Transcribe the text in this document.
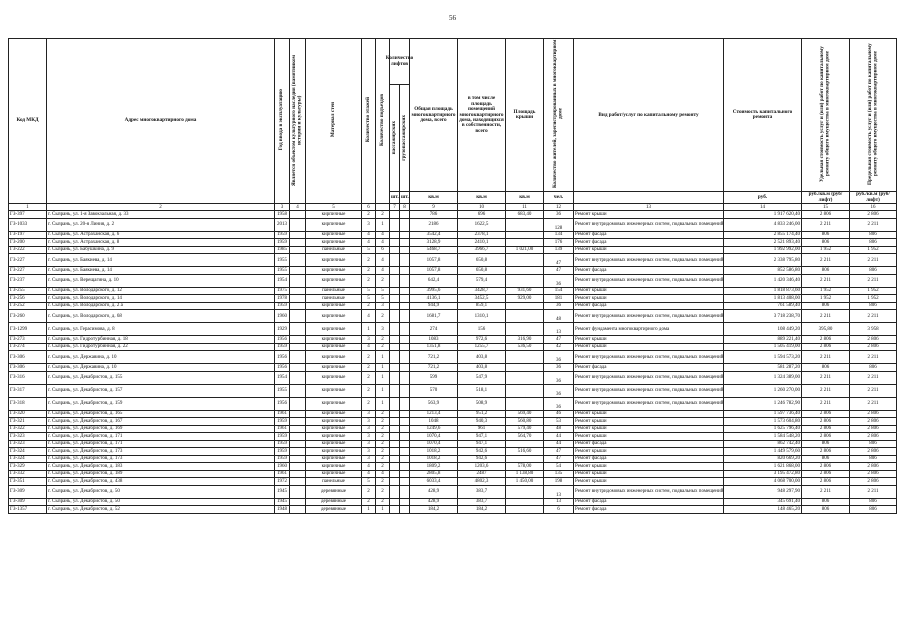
56
Код МКД	Адрес многоквартирного дома	Год ввода в эксплуатацию	Является объектом культурного наследия (памятником истории и культуры)	Материал стен	Количество этажей	Количество подъездов	Количество лифтов
пассажирских грузопассажирских		Общая площадь многоквартирного дома, всего	в том числе площадь помещений многоквартирного дома, находящихся в собственности, всего	Площадь крыши	Количество жителей, зарегистрированных в многоквартирном доме	Вид работ/услуг по капитальному ремонту	Стоимость капитального ремонта	Удельная стоимость услуг и (или) работ по капитальному ремонту общего имущества в многоквартирном доме	Предельная стоимость услуг и (или) работ по капитальному ремонту общего имущества в многоквартирном доме
							шт.	шт.	кв.м	кв.м	кв.м	чел.		руб.	руб./кв.м (руб/лифт)	руб./кв.м (руб/лифт)
1	2	3	4	5	6		7	8	9	10	11	12	13	14	15	16
ГЗ-397	г. Сызрань, ул. 1-я Завокзальная, д. 33	1958		кирпичные	2	2			786	696	683,40	36	Ремонт крыши	1 917 620,40	2 806	2 806
ГЗ-1033	г. Сызрань, ул. 20-я Линия, д. 2	2013		кирпичные	3	1			2186	1622,5		128	Ремонт внутридомовых инженерных систем, подвальных помещений	4 833 246,00	2 211	2 211
ГЗ-197	г. Сызрань, ул. Астраханская, д. 6	1959		кирпичные	4	4			3542,4	2378,1		134	Ремонт фасада	2 855 174,40	806	806
ГЗ-200	г. Сызрань, ул. Астраханская, д. 8	1959		кирпичные	4	4			3128,9	2410,1		176	Ремонт фасада	2 521 893,40	806	806
ГЗ-222	г. Сызрань, ул. Бабушкина, д. 9	1985		панельные	5	6			5468,7	3966,7	1 021,00	139	Ремонт крыши	1 992 992,00	1 952	1 952
ГЗ-227	г. Сызрань, ул. Баякиева, д. 14	1955		кирпичные	2	4			1057,8	650,8		47	Ремонт внутридомовых инженерных систем, подвальных помещений	2 338 795,80	2 211	2 211
ГЗ-227	г. Сызрань, ул. Баякиева, д. 14	1955		кирпичные	2	4			1057,8	650,8		47	Ремонт фасада	852 586,80	806	806
ГЗ-237	г. Сызрань, ул. Верещагина, д. 10	1954		кирпичные	2	2			642,4	579,4		36	Ремонт внутридомовых инженерных систем, подвальных помещений	1 420 346,40	2 211	2 211
ГЗ-255	г. Сызрань, ул. Володарского, д. 12	1975		панельные	5	5			3995,6	3428,7	931,60	154	Ремонт крыши	1 818 873,60	1 952	1 952
ГЗ-256	г. Сызрань, ул. Володарского, д. 14	1978		панельные	5	5			4136,1	3452,5	929,00	181	Ремонт крыши	1 813 408,00	1 952	1 952
ГЗ-252	г. Сызрань, ул. Володарского, д. 2 а	1959		кирпичные	2	3			944,9	859,1		36	Ремонт фасада	761 589,40	806	806
ГЗ-260	г. Сызрань, ул. Володарского, д. 68	1960		кирпичные	4	2			1681,7	1310,1		48	Ремонт внутридомовых инженерных систем, подвальных помещений	3 718 238,70	2 211	2 211
ГЗ-1299	г. Сызрань, ул. Герасимова, д. 8	1929		кирпичные	1	3			274	156		13	Ремонт фундамента многоквартирного дома	108 449,20	395,80	3 958
ГЗ-273	г. Сызрань, ул. Гидротурбинная, д. 18	1956		кирпичные	3	2			1083	972,6	316,90	47	Ремонт крыши	889 221,40	2 806	2 806
ГЗ-274	г. Сызрань, ул. Гидротурбинная, д. 22	1959		кирпичные	4	2			1351,8	1255,7	536,50	42	Ремонт крыши	1 505 419,00	2 806	2 806
ГЗ-306	г. Сызрань, ул. Державина, д. 10	1956		кирпичные	2	1			721,2	403,8		36	Ремонт внутридомовых инженерных систем, подвальных помещений	1 594 573,20	2 211	2 211
ГЗ-306	г. Сызрань, ул. Державина, д. 10	1956		кирпичные	2	1			721,2	403,8		36	Ремонт фасада	581 287,20	806	806
ГЗ-316	г. Сызрань, ул. Декабристов, д. 155	1954		кирпичные	2	1			599	547,9		36	Ремонт внутридомовых инженерных систем, подвальных помещений	1 324 389,00	2 211	2 211
ГЗ-317	г. Сызрань, ул. Декабристов, д. 157	1955		кирпичные	2	1			570	518,1		36	Ремонт внутридомовых инженерных систем, подвальных помещений	1 260 270,00	2 211	2 211
ГЗ-318	г. Сызрань, ул. Декабристов, д. 159	1956		кирпичные	2	1			563,9	508,9		36	Ремонт внутридомовых инженерных систем, подвальных помещений	1 246 782,90	2 211	2 211
ГЗ-320	г. Сызрань, ул. Декабристов, д. 165	1961		кирпичные	3	2			1213,4	951,2	569,40	46	Ремонт крыши	1 597 736,40	2 806	2 806
ГЗ-321	г. Сызрань, ул. Декабристов, д. 167	1959		кирпичные	3	2			1048	940,3	560,80	53	Ремонт крыши	1 573 604,80	2 806	2 806
ГЗ-322	г. Сызрань, ул. Декабристов, д. 169	1961		кирпичные	3	2			1249,6	961	579,40	48	Ремонт крыши	1 625 796,40	2 806	2 806
ГЗ-323	г. Сызрань, ул. Декабристов, д. 171	1959		кирпичные	3	2			1070,4	947,1	564,70	44	Ремонт крыши	1 584 548,20	2 806	2 806
ГЗ-323	г. Сызрань, ул. Декабристов, д. 171	1959		кирпичные	3	2			1070,4	947,1		44	Ремонт фасада	862 742,40	806	806
ГЗ-324	г. Сызрань, ул. Декабристов, д. 173	1959		кирпичные	3	2			1018,2	942,6	516,60	47	Ремонт крыши	1 449 579,60	2 806	2 806
ГЗ-324	г. Сызрань, ул. Декабристов, д. 173	1959		кирпичные	3	2			1018,2	942,6		47	Ремонт фасада	820 669,20	806	806
ГЗ-329	г. Сызрань, ул. Декабристов, д. 183	1960		кирпичные	4	2			1809,2	1203,6	578,00	54	Ремонт крыши	1 621 868,00	2 806	2 806
ГЗ-332	г. Сызрань, ул. Декабристов, д. 189	1961		кирпичные	4	4			2805,8	2487	1 138,80	135	Ремонт крыши	3 195 472,80	2 806	2 806
ГЗ-351	г. Сызрань, ул. Декабристов, д. 438	1972		панельные	5	2			6033,4	4802,3	1 450,00	198	Ремонт крыши	4 068 700,00	2 806	2 806
ГЗ-309	г. Сызрань, ул. Декабристов, д. 50	1945		деревянные	2	2			428,9	383,7		13	Ремонт внутридомовых инженерных систем, подвальных помещений	948 297,90	2 211	2 211
ГЗ-309	г. Сызрань, ул. Декабристов, д. 50	1945		деревянные	2	2			428,9	383,7		13	Ремонт фасада	345 691,40	806	806
ГЗ-1357	г. Сызрань, ул. Декабристов, д. 52	1948		деревянные	1	1			184,2	184,2		6	Ремонт фасада	148 465,20	806	806
